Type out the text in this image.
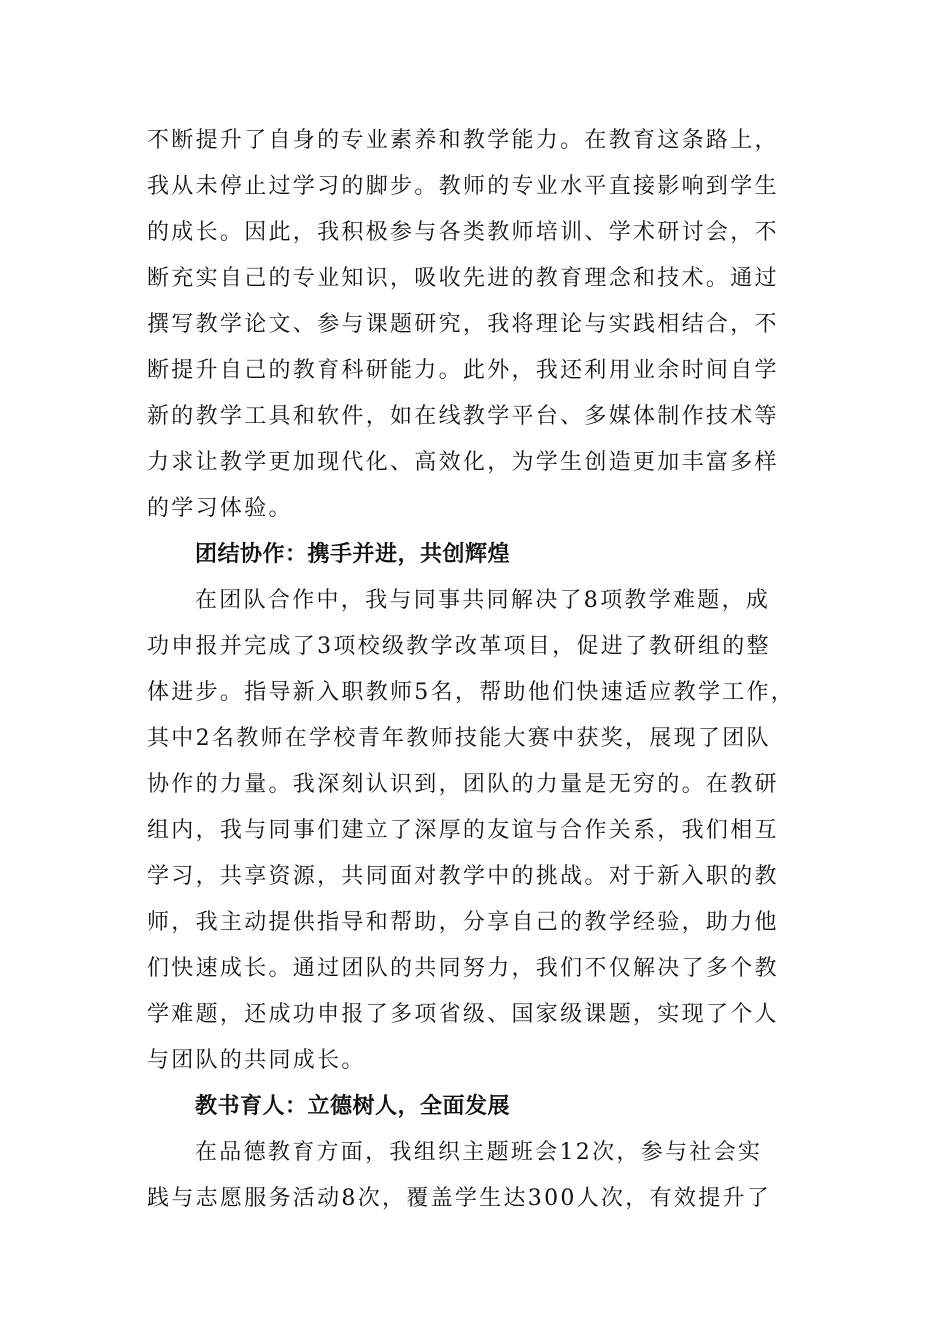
不断提升了自身的专业素养和教学能力。在教育这条路上，
我从未停止过学习的脚步。教师的专业水平直接影响到学生
的成长。因此，我积极参与各类教师培训、学术研讨会，不
断充实自己的专业知识，吸收先进的教育理念和技术。通过
撰写教学论文、参与课题研究，我将理论与实践相结合，不
断提升自己的教育科研能力。此外，我还利用业余时间自学
新的教学工具和软件，如在线教学平台、多媒体制作技术等
力求让教学更加现代化、高效化，为学生创造更加丰富多样
的学习体验。
团结协作：携手并进，共创辉煌
在团队合作中，我与同事共同解决了8项教学难题，成
功申报并完成了3项校级教学改革项目，促进了教研组的整
体进步。指导新入职教师5名，帮助他们快速适应教学工作，
其中2名教师在学校青年教师技能大赛中获奖，展现了团队
协作的力量。我深刻认识到，团队的力量是无穷的。在教研
组内，我与同事们建立了深厚的友谊与合作关系，我们相互
学习，共享资源，共同面对教学中的挑战。对于新入职的教
师，我主动提供指导和帮助，分享自己的教学经验，助力他
们快速成长。通过团队的共同努力，我们不仅解决了多个教
学难题，还成功申报了多项省级、国家级课题，实现了个人
与团队的共同成长。
教书育人：立德树人，全面发展
在品德教育方面，我组织主题班会12次，参与社会实
践与志愿服务活动8次，覆盖学生达300人次，有效提升了
